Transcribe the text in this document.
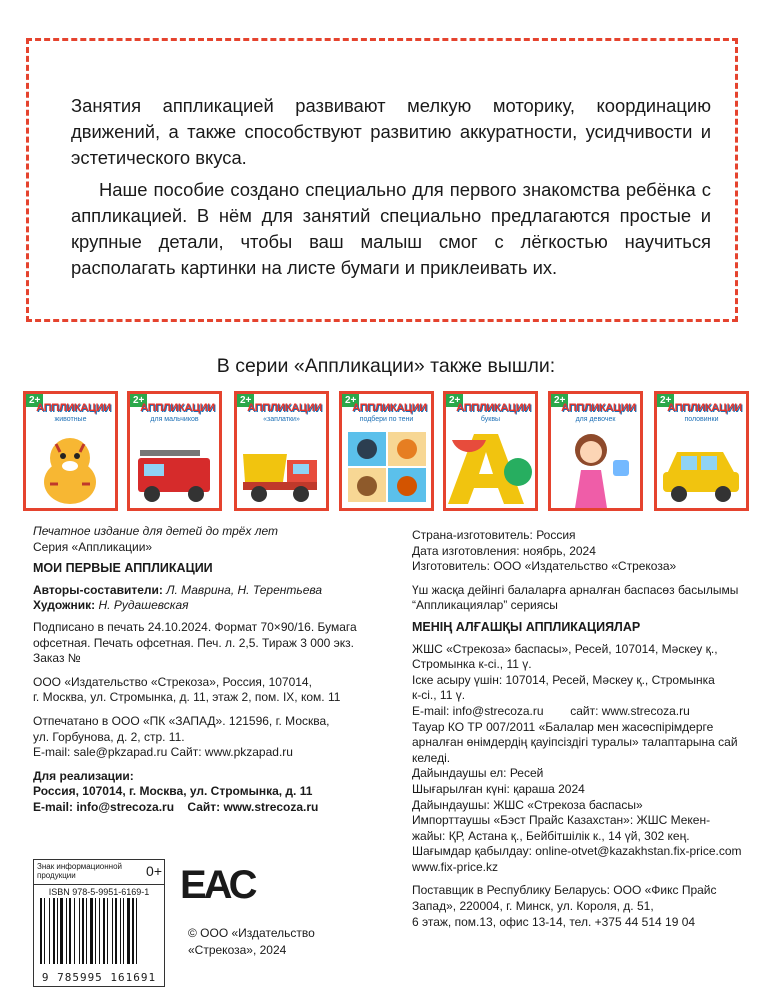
Занятия аппликацией развивают мелкую моторику, координацию движений, а также способствуют развитию аккуратности, усидчивости и эстетического вкуса.

Наше пособие создано специально для первого знакомства ребёнка с аппликацией. В нём для занятий специально предлагаются простые и крупные детали, чтобы ваш малыш смог с лёгкостью научиться располагать картинки на листе бумаги и приклеивать их.

В серии «Аппликации» также вышли:
2+
АППЛИКАЦИИ
животные
2+
АППЛИКАЦИИ
для мальчиков
2+
АППЛИКАЦИИ
«заплатки»
2+
АППЛИКАЦИИ
подбери по тени
2+
АППЛИКАЦИИ
буквы
2+
АППЛИКАЦИИ
для девочек
2+
АППЛИКАЦИИ
половинки
Печатное издание для детей до трёх лет
Серия «Аппликации»
МОИ ПЕРВЫЕ АППЛИКАЦИИ
Авторы-составители: Л. Маврина, Н. Терентьева
Художник: Н. Рудашевская
Подписано в печать 24.10.2024. Формат 70×90/16. Бумага
офсетная. Печать офсетная. Печ. л. 2,5. Тираж 3 000 экз.
Заказ №
ООО «Издательство «Стрекоза», Россия, 107014,
г. Москва, ул. Стромынка, д. 11, этаж 2, пом. IX, ком. 11
Отпечатано в ООО «ПК «ЗАПАД». 121596, г. Москва,
ул. Горбунова, д. 2, стр. 11.
E-mail: sale@pkzapad.ru Сайт: www.pkzapad.ru
Для реализации:
Россия, 107014, г. Москва, ул. Стромынка, д. 11
E-mail: info@strecoza.ru    Сайт: www.strecoza.ru
Знак информационной продукции	0+
ISBN 978-5-9951-6169-1
9 785995 161691
ЕАС
© ООО «Издательство
«Стрекоза», 2024
Страна-изготовитель: Россия
Дата изготовления: ноябрь, 2024
Изготовитель: ООО «Издательство «Стрекоза»
Үш жасқа дейінгі балаларға арналған баспасөз басылымы
“Аппликациялар” сериясы
МЕНІҢ АЛҒАШҚЫ АППЛИКАЦИЯЛАР
ЖШС «Стрекоза» баспасы», Ресей, 107014, Мәскеу қ.,
Стромынка к-сi., 11 ү.
Іске асыру үшін: 107014, Ресей, Мәскеу қ., Стромынка
к-сі., 11 ү.
E-mail: info@strecoza.ru        сайт: www.strecoza.ru
Тауар КО ТР 007/2011 «Балалар мен жасөспірімдерге
арналған өнімдердің қауіпсіздігі туралы» талаптарына сай
келеді.
Дайындаушы ел: Ресей
Шығарылған күні: қараша 2024
Дайындаушы: ЖШС «Стрекоза баспасы»
Импорттаушы «Бэст Прайс Казахстан»: ЖШС Мекен-
жайы: ҚР, Астана қ., Бейбітшілік к., 14 үй, 302 кең.
Шағымдар қабылдау: online-otvet@kazakhstan.fix-price.com
www.fix-price.kz
Поставщик в Республику Беларусь: ООО «Фикс Прайс
Запад», 220004, г. Минск, ул. Короля, д. 51,
6 этаж, пом.13, офис 13-14, тел. +375 44 514 19 04
